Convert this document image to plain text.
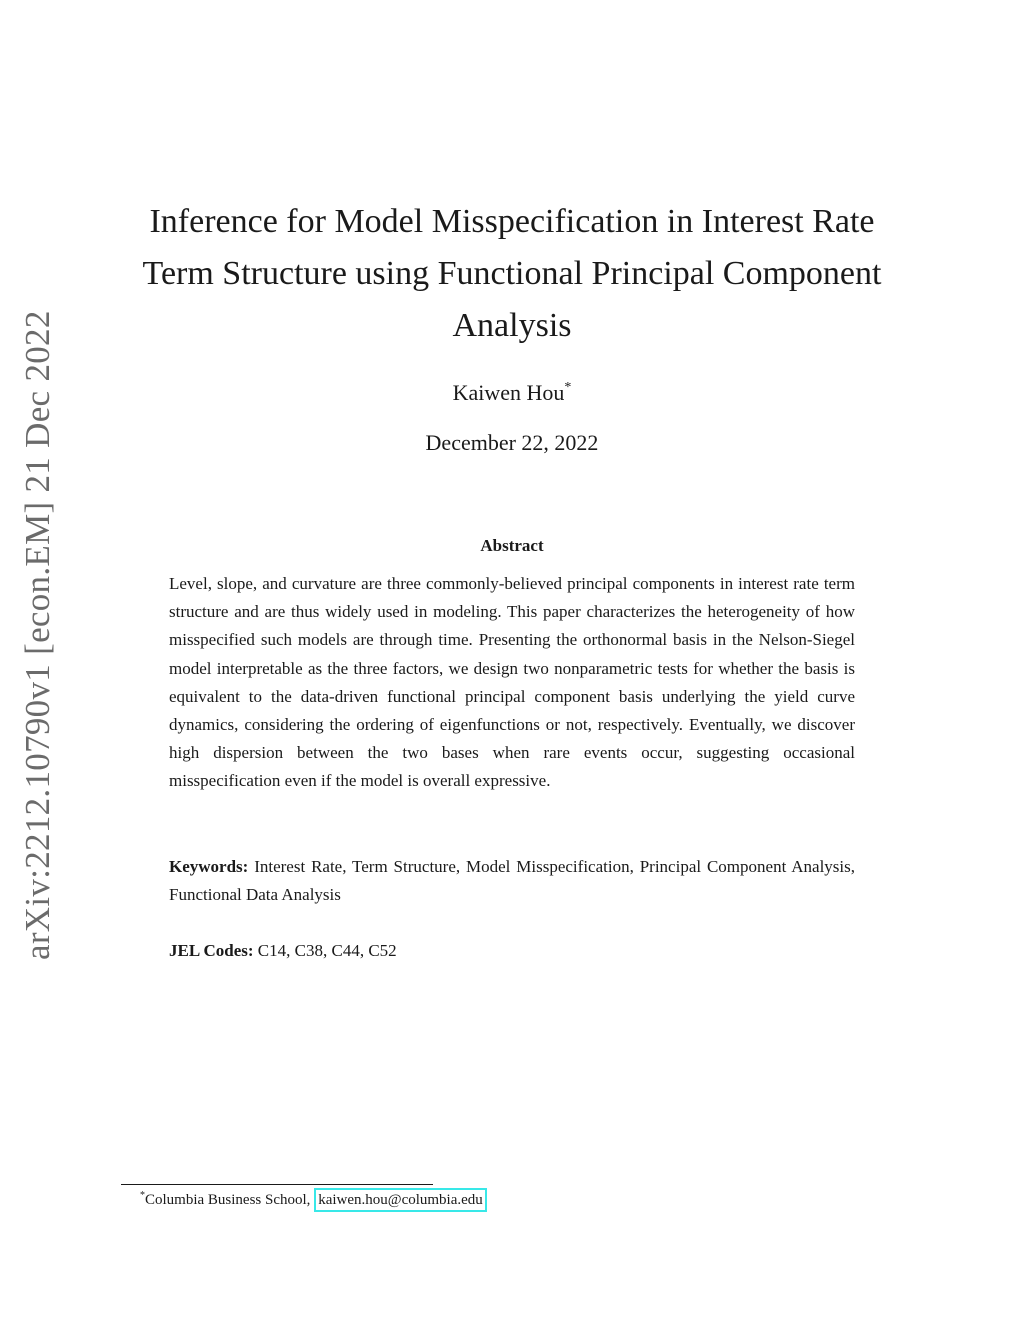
arXiv:2212.10790v1 [econ.EM] 21 Dec 2022
Inference for Model Misspecification in Interest Rate Term Structure using Functional Principal Component Analysis
Kaiwen Hou*
December 22, 2022
Abstract

Level, slope, and curvature are three commonly-believed principal components in interest rate term structure and are thus widely used in modeling. This paper characterizes the heterogeneity of how misspecified such models are through time. Presenting the orthonormal basis in the Nelson-Siegel model interpretable as the three factors, we design two nonparametric tests for whether the basis is equivalent to the data-driven functional principal component basis underlying the yield curve dynamics, considering the ordering of eigenfunctions or not, respectively. Eventually, we discover high dispersion between the two bases when rare events occur, suggesting occasional misspecification even if the model is overall expressive.

Keywords: Interest Rate, Term Structure, Model Misspecification, Principal Component Analysis, Functional Data Analysis

JEL Codes: C14, C38, C44, C52

*Columbia Business School, kaiwen.hou@columbia.edu
